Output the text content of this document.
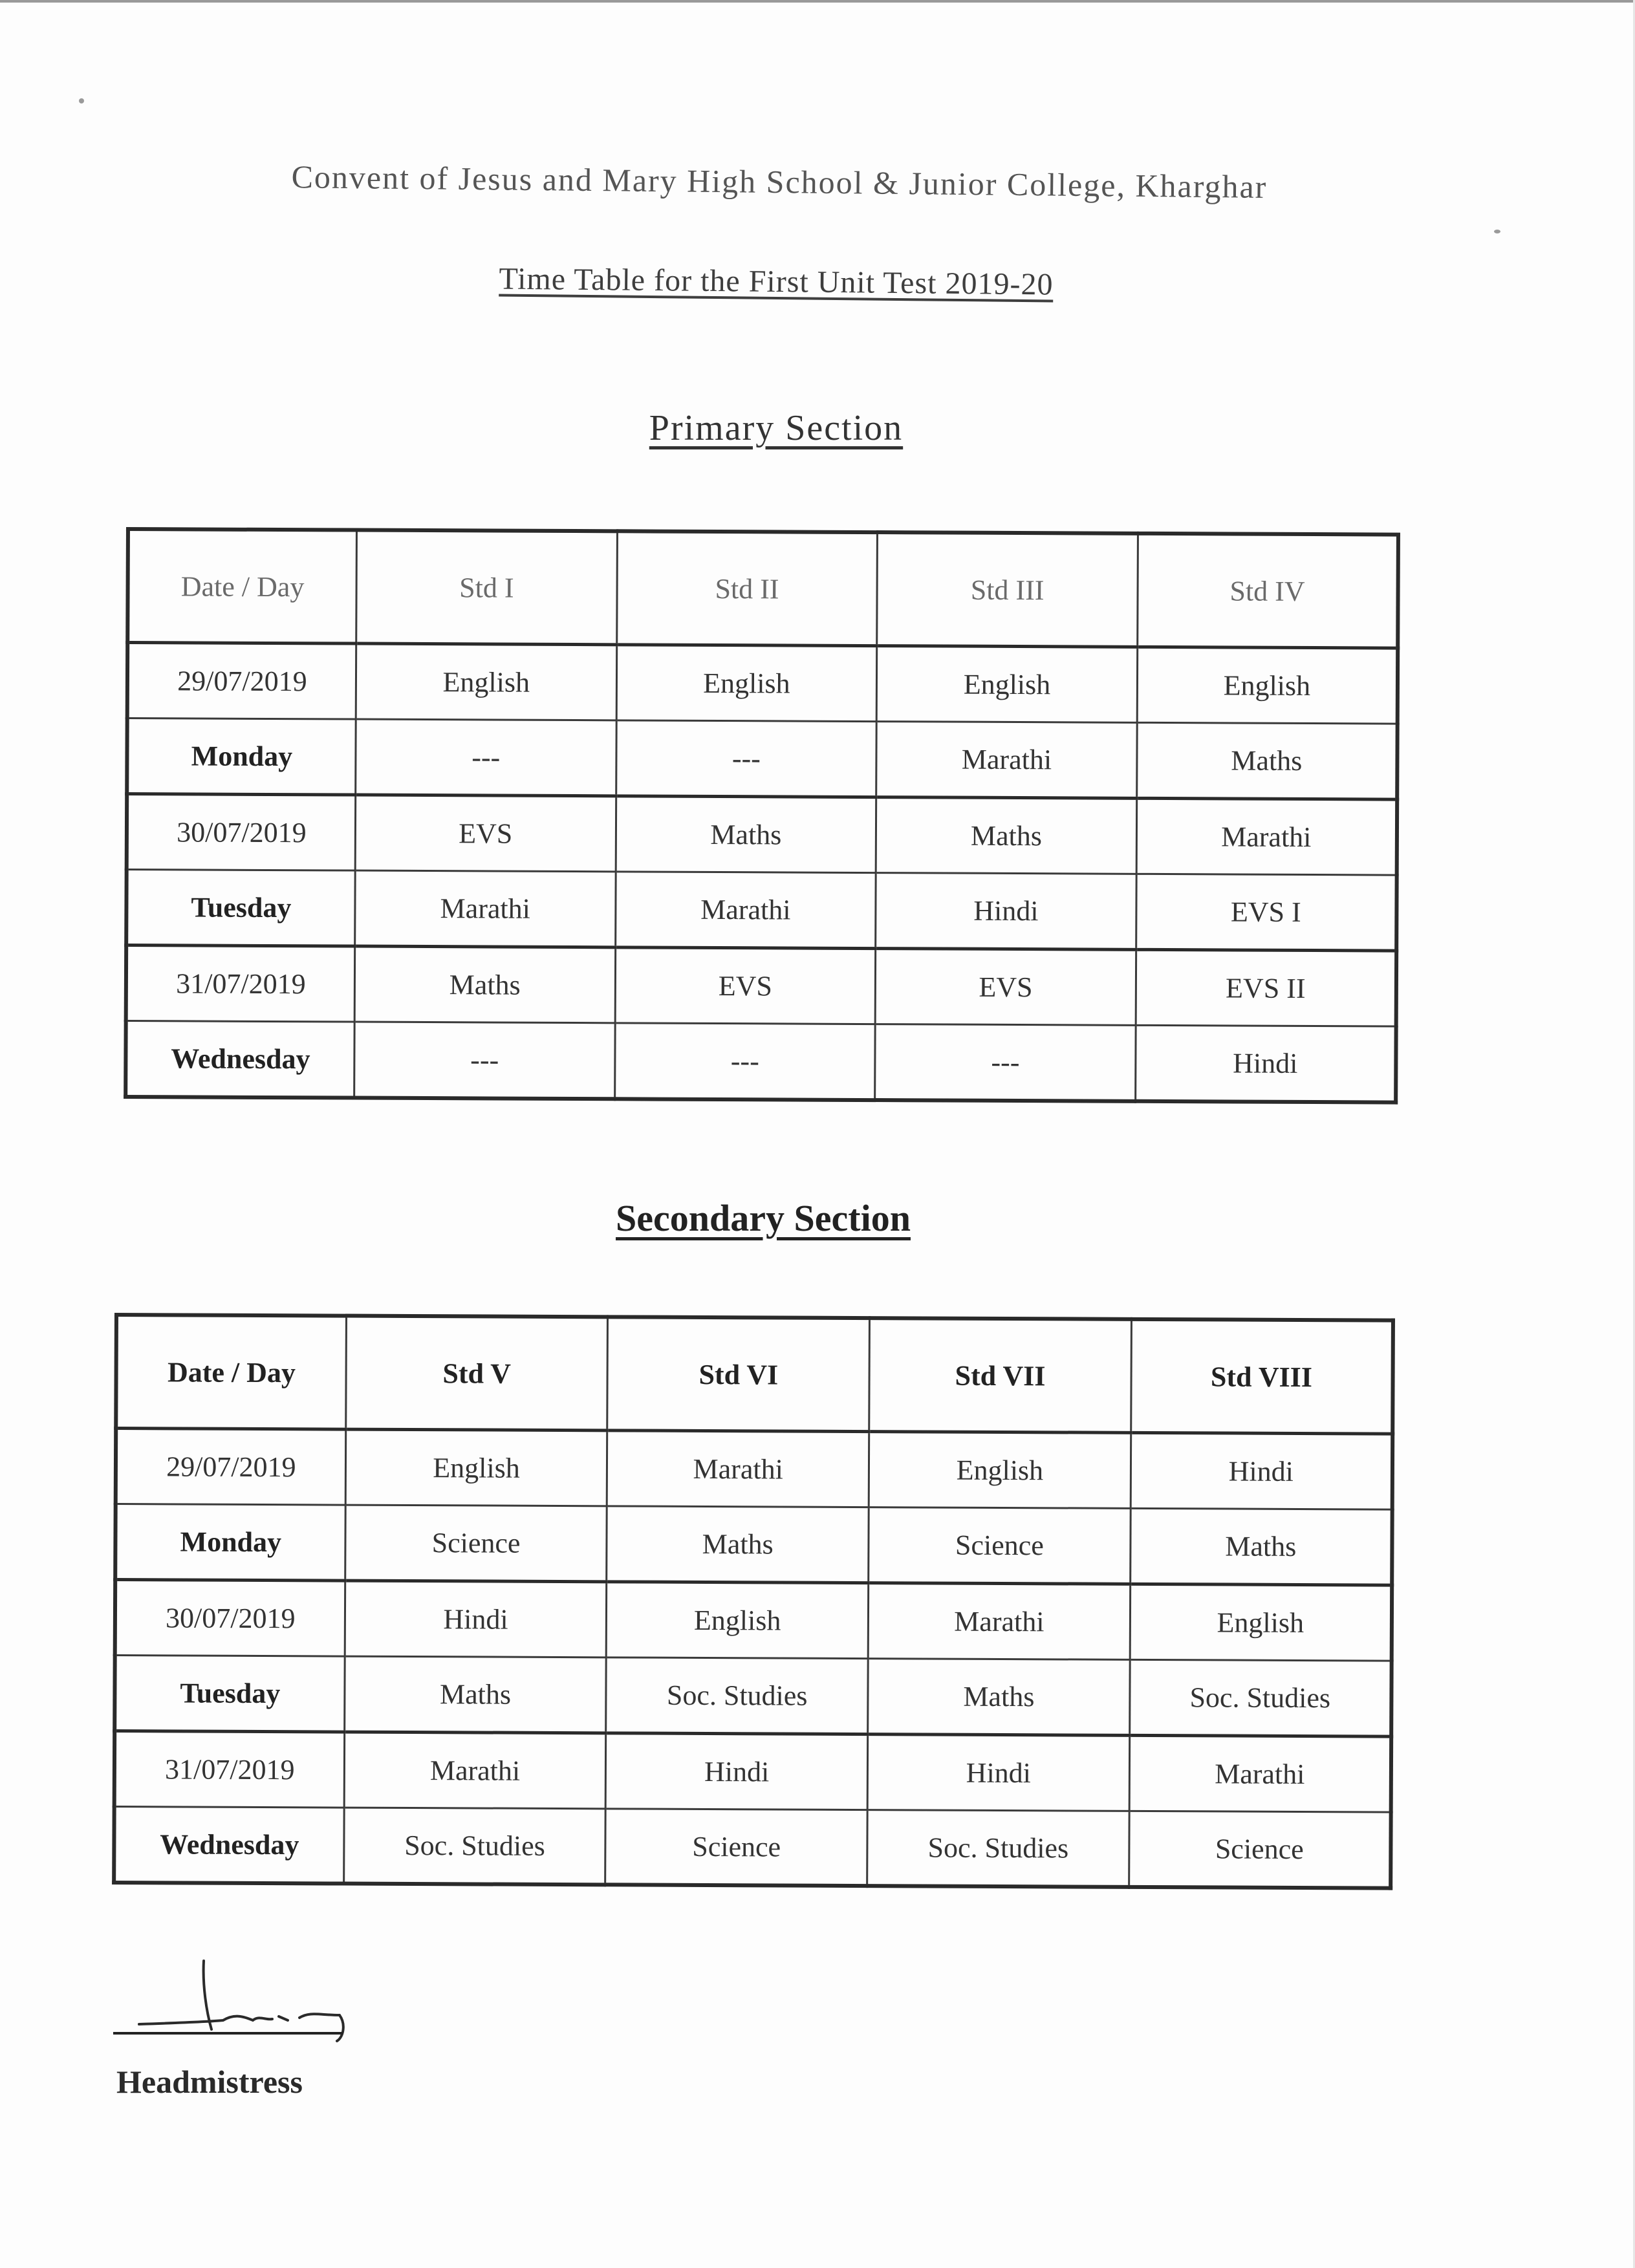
Convent of Jesus and Mary High School & Junior College, Kharghar
Time Table for the First Unit Test 2019-20
Primary Section
Date / Day	Std I	Std II	Std III	Std IV
29/07/2019	English	English	English	English
Monday	---	---	Marathi	Maths
30/07/2019	EVS	Maths	Maths	Marathi
Tuesday	Marathi	Marathi	Hindi	EVS I
31/07/2019	Maths	EVS	EVS	EVS II
Wednesday	---	---	---	Hindi
Secondary Section
Date / Day	Std V	Std VI	Std VII	Std VIII
29/07/2019	English	Marathi	English	Hindi
Monday	Science	Maths	Science	Maths
30/07/2019	Hindi	English	Marathi	English
Tuesday	Maths	Soc. Studies	Maths	Soc. Studies
31/07/2019	Marathi	Hindi	Hindi	Marathi
Wednesday	Soc. Studies	Science	Soc. Studies	Science
Headmistress
